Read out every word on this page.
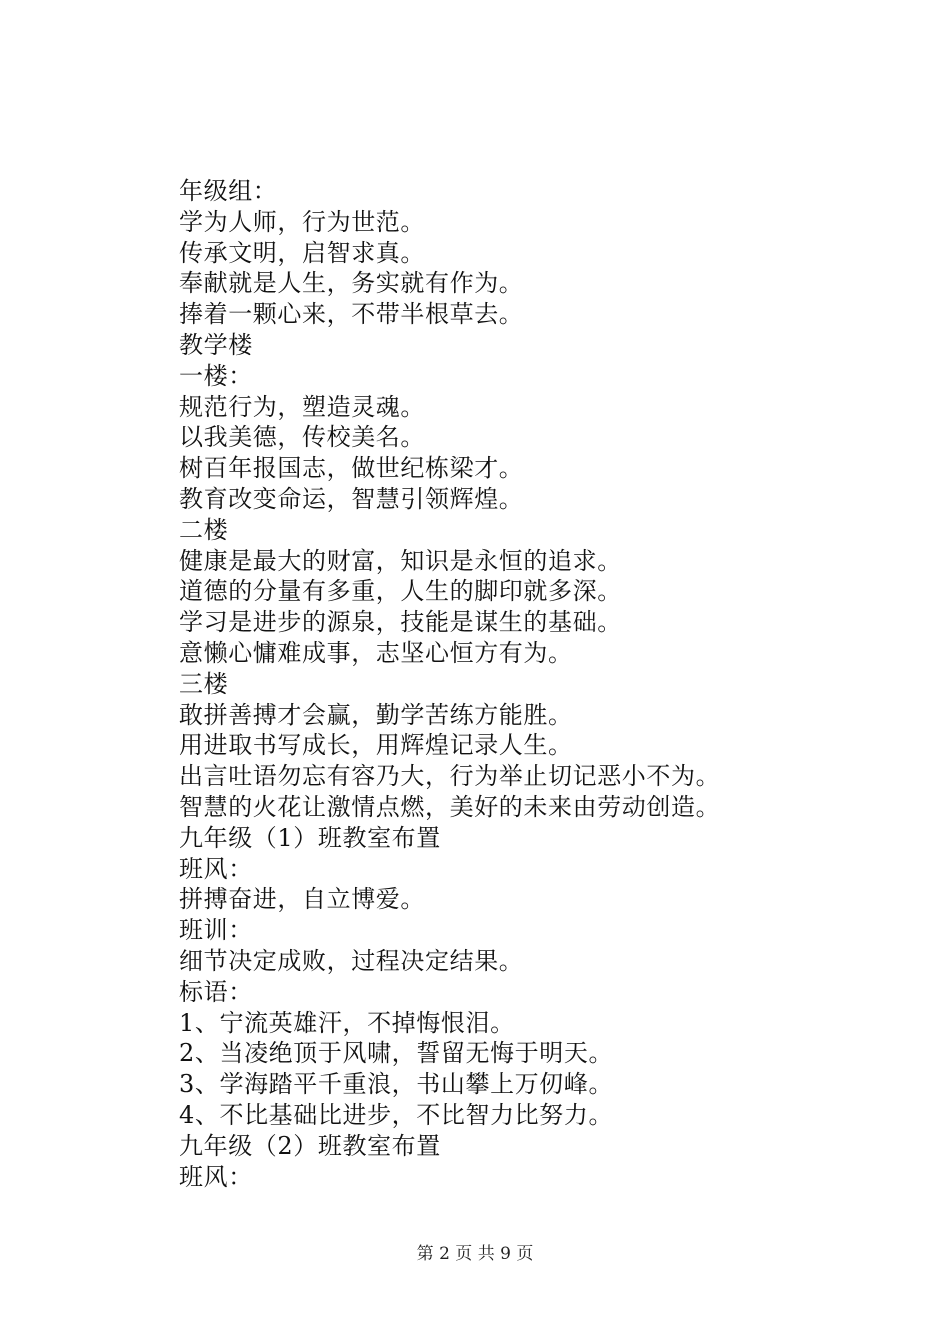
年级组：
学为人师，行为世范。
传承文明，启智求真。
奉献就是人生，务实就有作为。
捧着一颗心来，不带半根草去。
教学楼
一楼：
规范行为，塑造灵魂。
以我美德，传校美名。
树百年报国志，做世纪栋梁才。
教育改变命运，智慧引领辉煌。
二楼
健康是最大的财富，知识是永恒的追求。
道德的分量有多重，人生的脚印就多深。
学习是进步的源泉，技能是谋生的基础。
意懒心慵难成事，志坚心恒方有为。
三楼
敢拼善搏才会赢，勤学苦练方能胜。
用进取书写成长，用辉煌记录人生。
出言吐语勿忘有容乃大，行为举止切记恶小不为。
智慧的火花让激情点燃，美好的未来由劳动创造。
九年级（1）班教室布置
班风：
拼搏奋进，自立博爱。
班训：
细节决定成败，过程决定结果。
标语：
1、宁流英雄汗，不掉悔恨泪。
2、当凌绝顶于风啸，誓留无悔于明天。
3、学海踏平千重浪，书山攀上万仞峰。
4、不比基础比进步，不比智力比努力。
九年级（2）班教室布置
班风：
第 2 页 共 9 页
